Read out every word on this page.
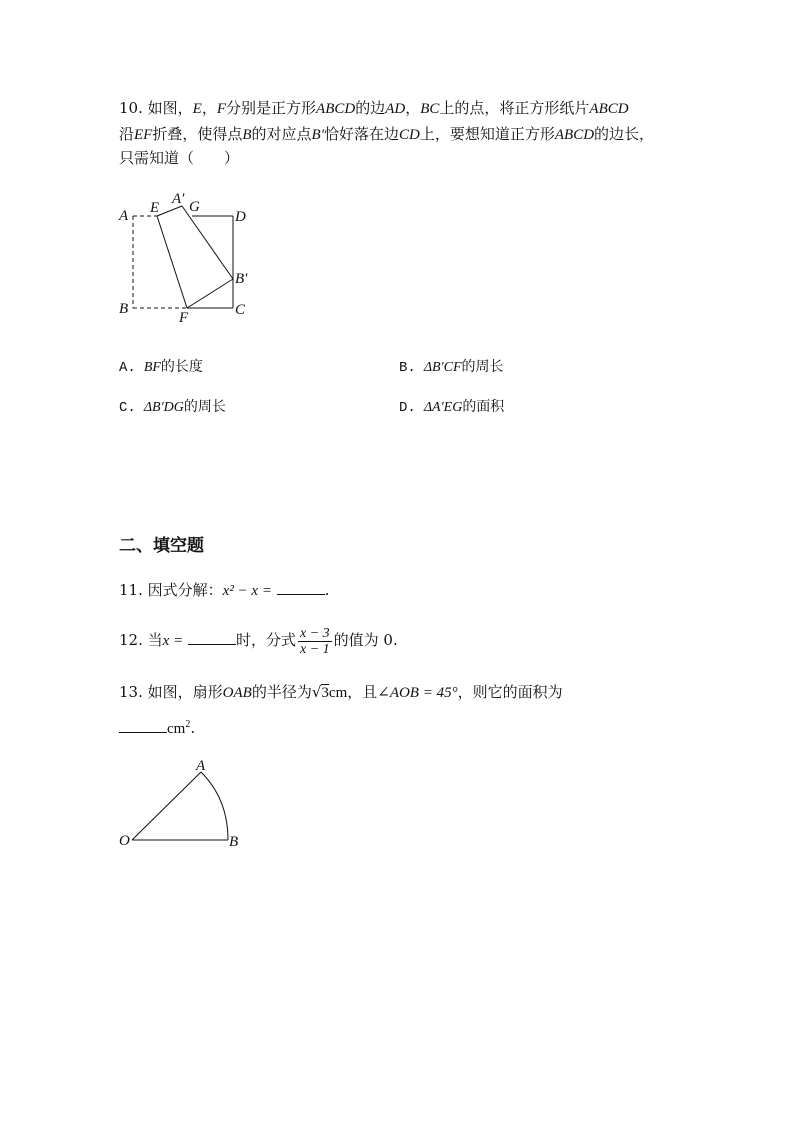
10. 如图，E，F分别是正方形ABCD的边AD，BC上的点，将正方形纸片ABCD
沿EF折叠，使得点B的对应点B′恰好落在边CD上，要想知道正方形ABCD的边长，
只需知道（　　）
A E
A′ G
D
B′
B
F	C
A. BF的长度	B. ΔB′CF的周长
C. ΔB′DG的周长	D. ΔA′EG的面积
二、填空题
11. 因式分解：x² − x =	.
12. 当x =	时，分式 $\frac{x - 3}{x - 1}$ 的值为 0.
13. 如图，扇形OAB的半径为√3cm，且∠AOB = 45°，则它的面积为
$cm^2$.
A
O	B
